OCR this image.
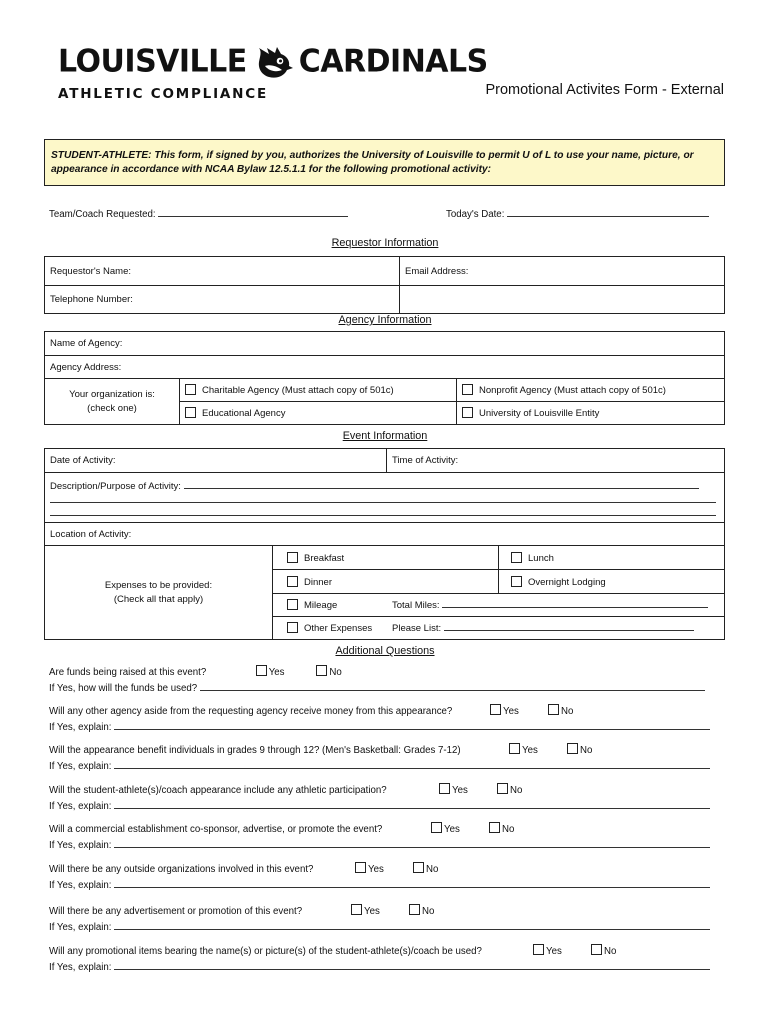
LOUISVILLE CARDINALS
ATHLETIC COMPLIANCE	Promotional Activites Form - External
STUDENT-ATHLETE: This form, if signed by you, authorizes the University of Louisville to permit U of L to use your name, picture, or appearance in accordance with NCAA Bylaw 12.5.1.1 for the following promotional activity:
Team/Coach Requested:	Today's Date:
Requestor Information
Requestor's Name:	Email Address:
Telephone Number:	
Agency Information
Name of Agency:		
Agency Address:		

Your organization is:
(check one)	Charitable Agency (Must attach copy of 501c)	Nonprofit Agency (Must attach copy of 501c)
	Educational Agency	University of Louisville Entity
Event Information
Date of Activity:	Time of Activity:

Description/Purpose of Activity:

Location of Activity:
Expenses to be provided:
(Check all that apply)	Breakfast	Lunch
	Dinner	Overnight Lodging
	Mileage Total Miles:	
	Other Expenses Please List:	
Additional Questions
Are funds being raised at this event?	Yes	No
If Yes, how will the funds be used?
Will any other agency aside from the requesting agency receive money from this appearance?	Yes	No
If Yes, explain:
Will the appearance benefit individuals in grades 9 through 12? (Men's Basketball: Grades 7-12)	Yes	No
If Yes, explain:
Will the student-athlete(s)/coach appearance include any athletic participation?	Yes	No
If Yes, explain:
Will a commercial establishment co-sponsor, advertise, or promote the event?	Yes	No
If Yes, explain:
Will there be any outside organizations involved in this event?	Yes	No
If Yes, explain:
Will there be any advertisement or promotion of this event?	Yes	No
If Yes, explain:
Will any promotional items bearing the name(s) or picture(s) of the student-athlete(s)/coach be used?	Yes	No
If Yes, explain:
